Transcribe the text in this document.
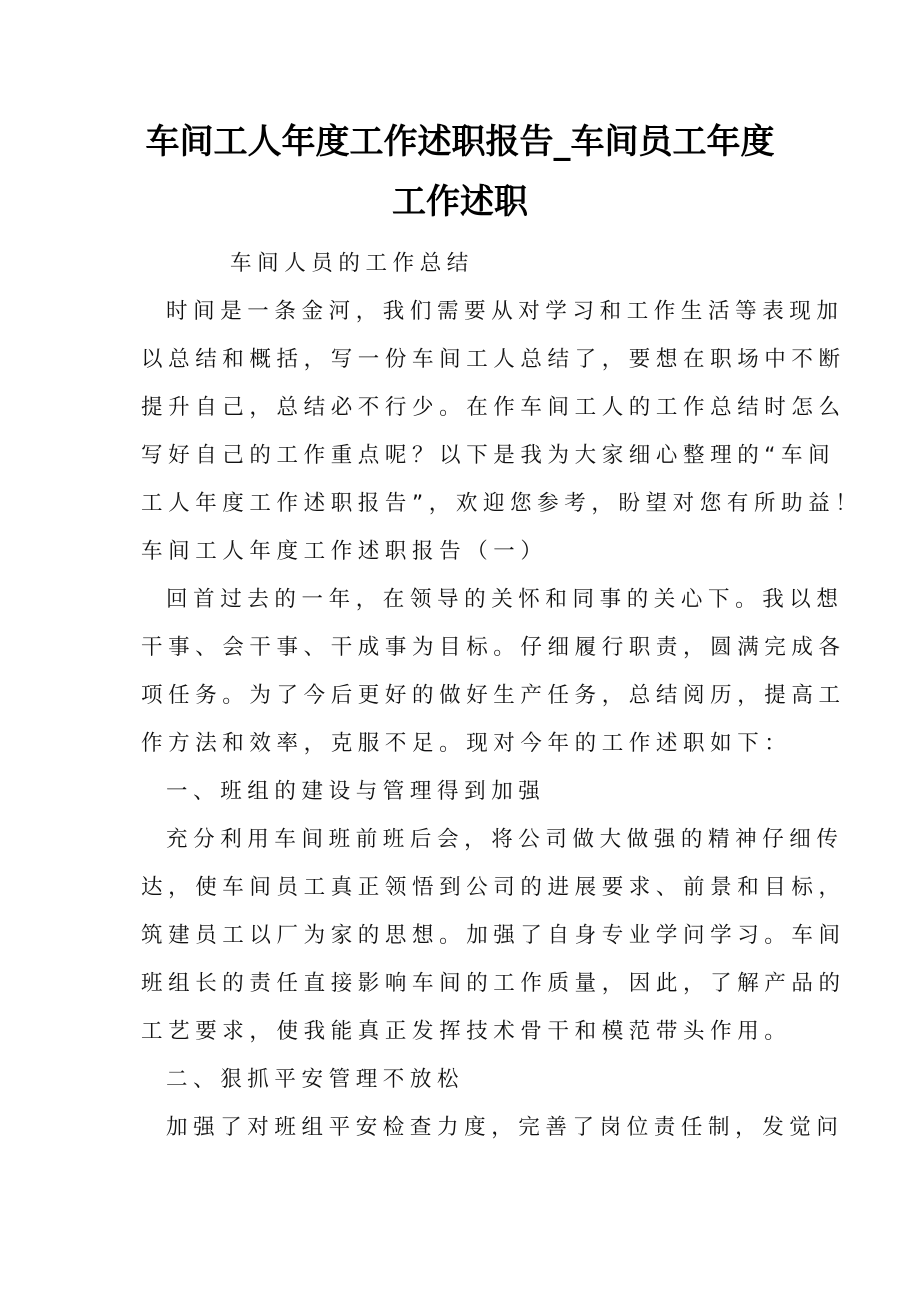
车间工人年度工作述职报告_车间员工年度
工作述职
车间人员的工作总结
时间是一条金河，我们需要从对学习和工作生活等表现加
以总结和概括，写一份车间工人总结了，要想在职场中不断
提升自己，总结必不行少。在作车间工人的工作总结时怎么
写好自己的工作重点呢？以下是我为大家细心整理的“车间
工人年度工作述职报告”，欢迎您参考，盼望对您有所助益！
车间工人年度工作述职报告（一）
回首过去的一年，在领导的关怀和同事的关心下。我以想
干事、会干事、干成事为目标。仔细履行职责，圆满完成各
项任务。为了今后更好的做好生产任务，总结阅历，提高工
作方法和效率，克服不足。现对今年的工作述职如下：
一、班组的建设与管理得到加强
充分利用车间班前班后会，将公司做大做强的精神仔细传
达，使车间员工真正领悟到公司的进展要求、前景和目标，
筑建员工以厂为家的思想。加强了自身专业学问学习。车间
班组长的责任直接影响车间的工作质量，因此，了解产品的
工艺要求，使我能真正发挥技术骨干和模范带头作用。
二、狠抓平安管理不放松
加强了对班组平安检查力度，完善了岗位责任制，发觉问
